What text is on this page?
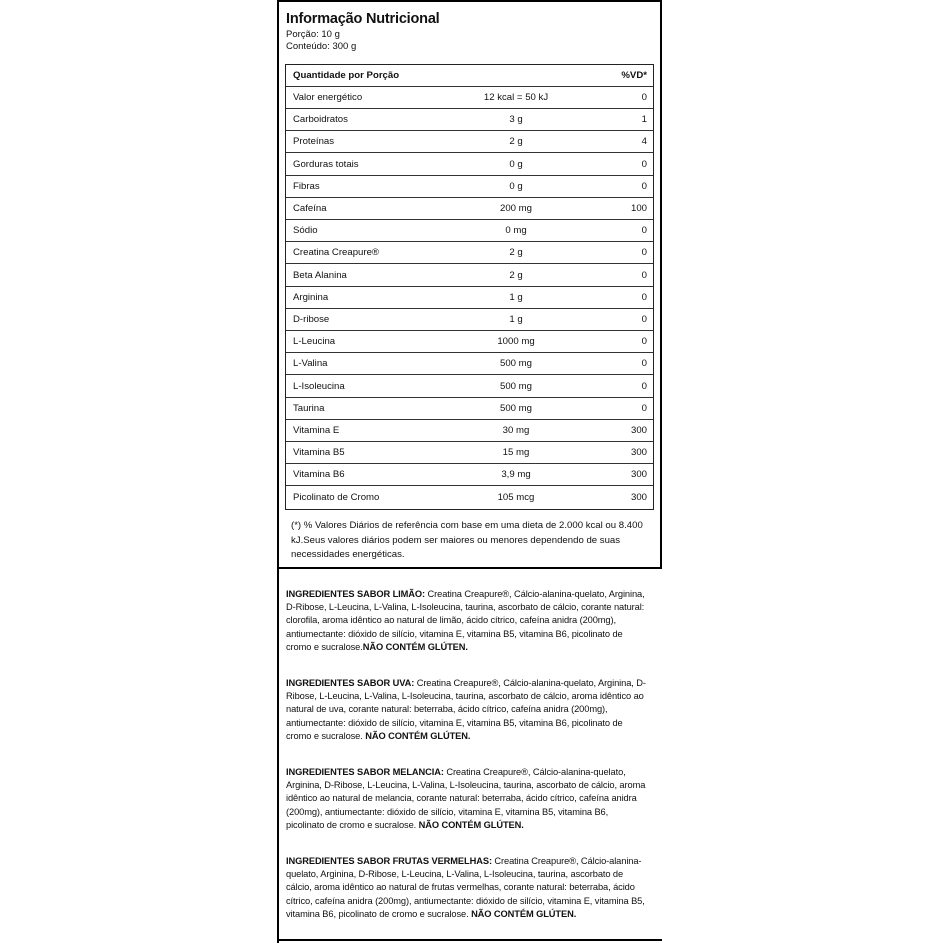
Informação Nutricional
Porção: 10 g
Conteúdo: 300 g
Quantidade por Porção	%VD*
Valor energético	12 kcal = 50 kJ	0
Carboidratos	3 g	1
Proteínas	2 g	4
Gorduras totais	0 g	0
Fibras	0 g	0
Cafeína	200 mg	100
Sódio	0 mg	0
Creatina Creapure®	2 g	0
Beta Alanina	2 g	0
Arginina	1 g	0
D-ribose	1 g	0
L-Leucina	1000 mg	0
L-Valina	500 mg	0
L-Isoleucina	500 mg	0
Taurina	500 mg	0
Vitamina E	30 mg	300
Vitamina B5	15 mg	300
Vitamina B6	3,9 mg	300
Picolinato de Cromo	105 mcg	300
(*) % Valores Diários de referência com base em uma dieta de 2.000 kcal ou 8.400 kJ.Seus valores diários podem ser maiores ou menores dependendo de suas necessidades energéticas.
INGREDIENTES SABOR LIMÃO: Creatina Creapure®, Cálcio-alanina-quelato, Arginina, D-Ribose, L-Leucina, L-Valina, L-Isoleucina, taurina, ascorbato de cálcio, corante natural: clorofila, aroma idêntico ao natural de limão, ácido cítrico, cafeína anidra (200mg), antiumectante: dióxido de silício, vitamina E, vitamina B5, vitamina B6, picolinato de cromo e sucralose.NÃO CONTÉM GLÚTEN.
INGREDIENTES SABOR UVA: Creatina Creapure®, Cálcio-alanina-quelato, Arginina, D-Ribose, L-Leucina, L-Valina, L-Isoleucina, taurina, ascorbato de cálcio, aroma idêntico ao natural de uva, corante natural: beterraba, ácido cítrico, cafeína anidra (200mg), antiumectante: dióxido de silício, vitamina E, vitamina B5, vitamina B6, picolinato de cromo e sucralose. NÃO CONTÉM GLÚTEN.
INGREDIENTES SABOR MELANCIA: Creatina Creapure®, Cálcio-alanina-quelato, Arginina, D-Ribose, L-Leucina, L-Valina, L-Isoleucina, taurina, ascorbato de cálcio, aroma idêntico ao natural de melancia, corante natural: beterraba, ácido cítrico, cafeína anidra (200mg), antiumectante: dióxido de silício, vitamina E, vitamina B5, vitamina B6, picolinato de cromo e sucralose. NÃO CONTÉM GLÚTEN.
INGREDIENTES SABOR FRUTAS VERMELHAS: Creatina Creapure®, Cálcio-alanina-quelato, Arginina, D-Ribose, L-Leucina, L-Valina, L-Isoleucina, taurina, ascorbato de cálcio, aroma idêntico ao natural de frutas vermelhas, corante natural: beterraba, ácido cítrico, cafeína anidra (200mg), antiumectante: dióxido de silício, vitamina E, vitamina B5, vitamina B6, picolinato de cromo e sucralose. NÃO CONTÉM GLÚTEN.
